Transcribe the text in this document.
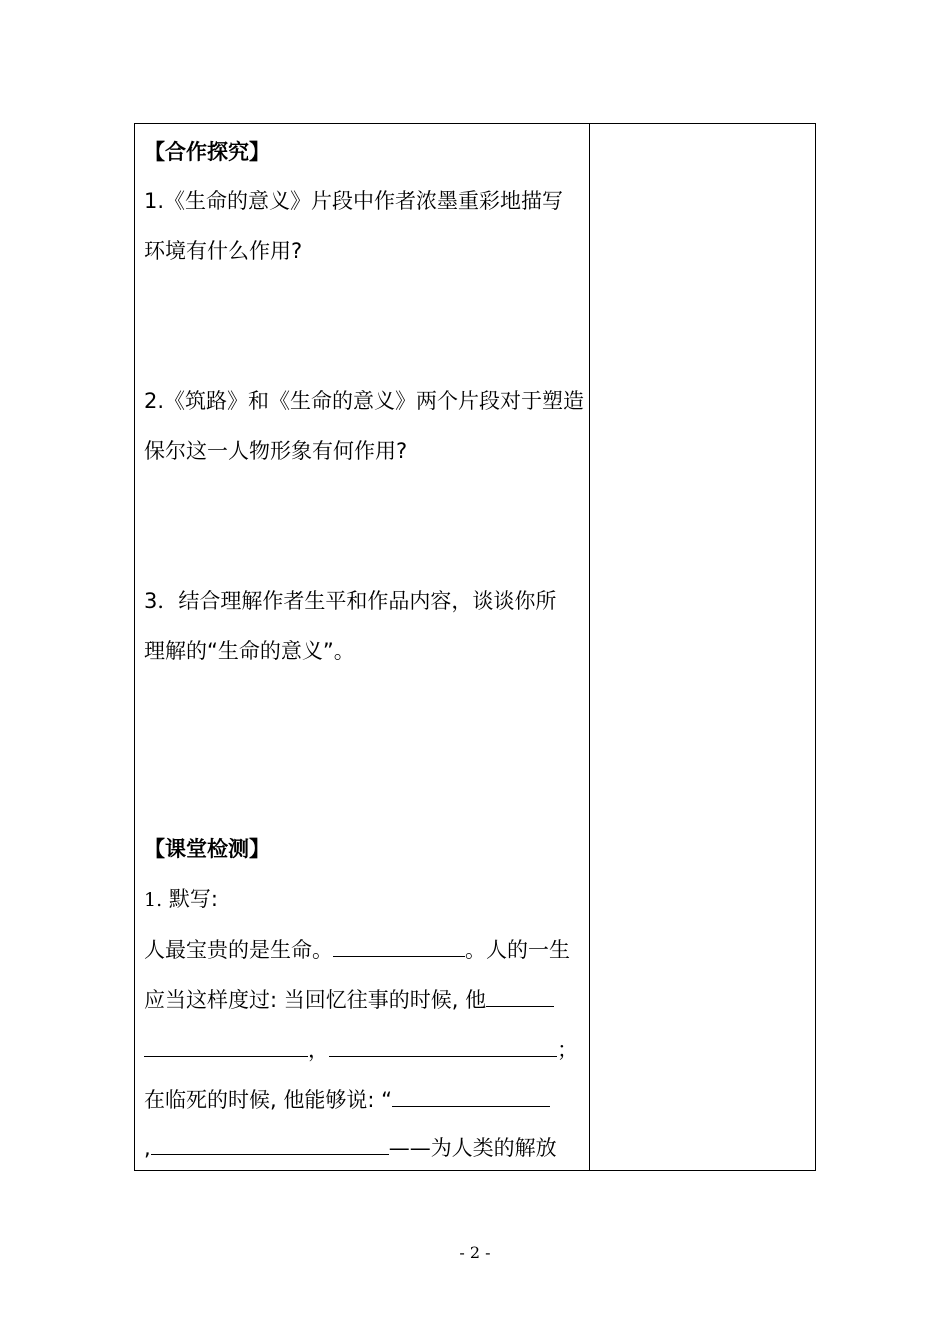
【合作探究】
1.《生命的意义》片段中作者浓墨重彩地描写
环境有什么作用?
2.《筑路》和《生命的意义》两个片段对于塑造
保尔这一人物形象有何作用?
3．结合理解作者生平和作品内容，谈谈你所
理解的“生命的意义”。
【课堂检测】
1. 默写:
人最宝贵的是生命。	。人的一生
应当这样度过: 当回忆往事的时候, 他
，	；
在临死的时候, 他能够说: “
,	——为人类的解放
- 2 -
